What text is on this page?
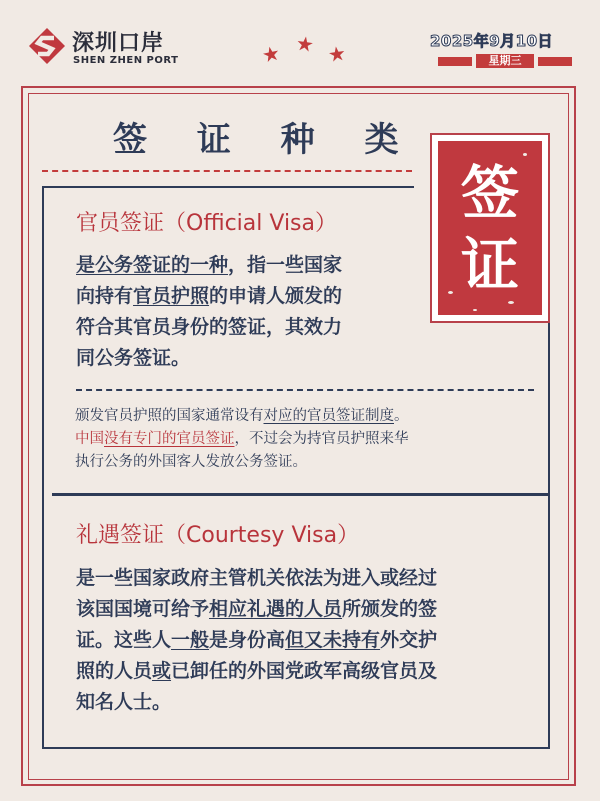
深圳口岸
SHEN ZHEN PORT	★ ★ ★	2025年9月10日
星期三
签 证 种 类
官员签证（Official Visa）
是公务签证的一种，指一些国家
向持有官员护照的申请人颁发的
符合其官员身份的签证，其效力
同公务签证。
颁发官员护照的国家通常设有对应的官员签证制度。
中国没有专门的官员签证，不过会为持官员护照来华
执行公务的外国客人发放公务签证。
签
证
礼遇签证（Courtesy Visa）
是一些国家政府主管机关依法为进入或经过
该国国境可给予相应礼遇的人员所颁发的签
证。这些人一般是身份高但又未持有外交护
照的人员或已卸任的外国党政军高级官员及
知名人士。
